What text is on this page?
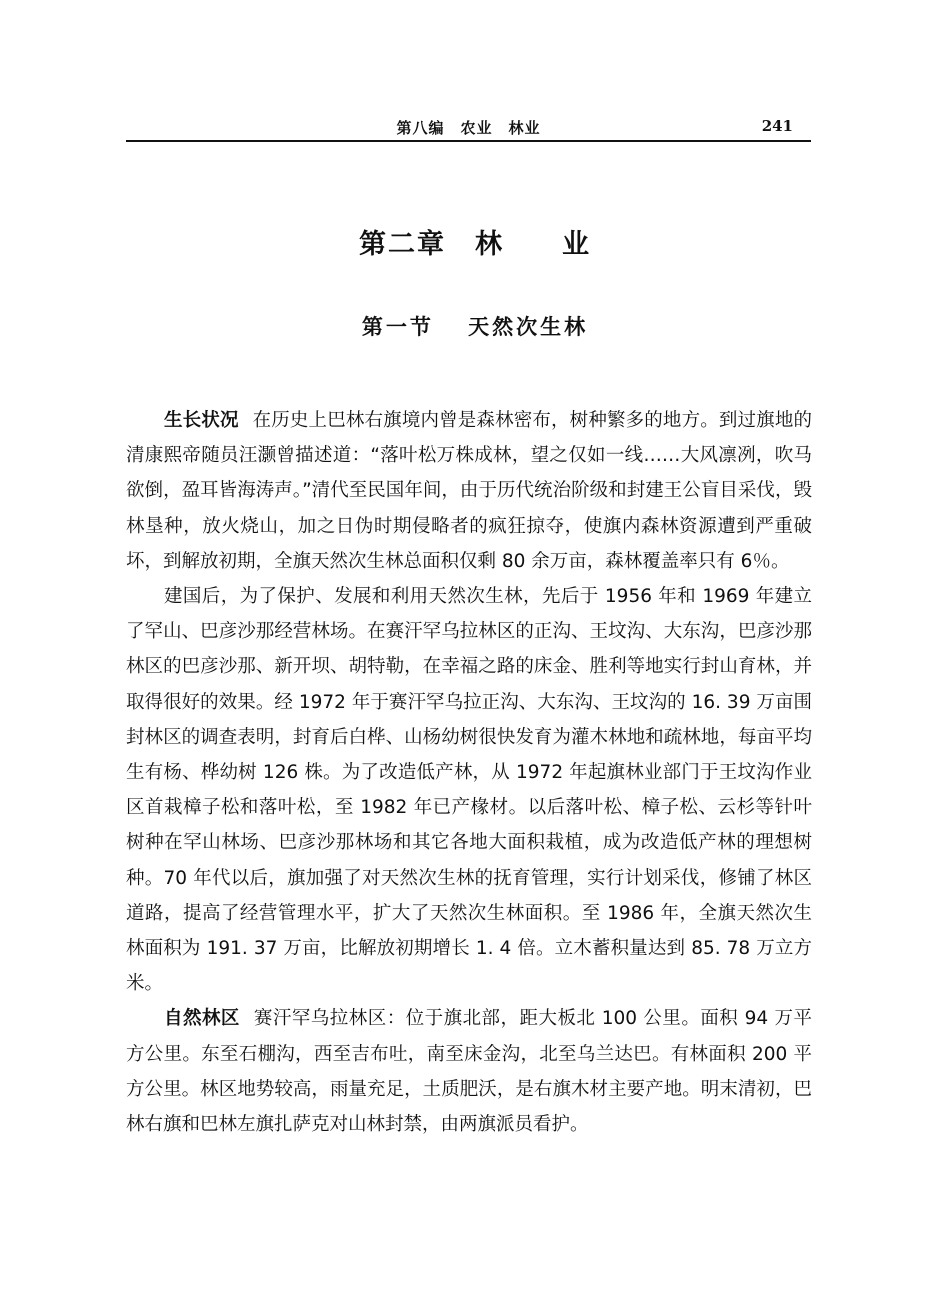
第八编　农业　林业	241
第二章　林　　业
第一节　 天然次生林

生长状况 在历史上巴林右旗境内曾是森林密布，树种繁多的地方。到过旗地的清康熙帝随员汪灏曾描述道：“落叶松万株成林，望之仅如一线……大风凛冽，吹马欲倒，盈耳皆海涛声。”清代至民国年间，由于历代统治阶级和封建王公盲目采伐，毁林垦种，放火烧山，加之日伪时期侵略者的疯狂掠夺，使旗内森林资源遭到严重破坏，到解放初期，全旗天然次生林总面积仅剩 80 余万亩，森林覆盖率只有 6％。

建国后，为了保护、发展和利用天然次生林，先后于 1956 年和 1969 年建立了罕山、巴彦沙那经营林场。在赛汗罕乌拉林区的正沟、王坟沟、大东沟，巴彦沙那林区的巴彦沙那、新开坝、胡特勒，在幸福之路的床金、胜利等地实行封山育林，并取得很好的效果。经 1972 年于赛汗罕乌拉正沟、大东沟、王坟沟的 16. 39 万亩围封林区的调查表明，封育后白桦、山杨幼树很快发育为灌木林地和疏林地，每亩平均生有杨、桦幼树 126 株。为了改造低产林，从 1972 年起旗林业部门于王坟沟作业区首栽樟子松和落叶松，至 1982 年已产椽材。以后落叶松、樟子松、云杉等针叶树种在罕山林场、巴彦沙那林场和其它各地大面积栽植，成为改造低产林的理想树种。70 年代以后，旗加强了对天然次生林的抚育管理，实行计划采伐，修铺了林区道路，提高了经营管理水平，扩大了天然次生林面积。至 1986 年，全旗天然次生林面积为 191. 37 万亩，比解放初期增长 1. 4 倍。立木蓄积量达到 85. 78 万立方米。

自然林区 赛汗罕乌拉林区：位于旗北部，距大板北 100 公里。面积 94 万平方公里。东至石棚沟，西至吉布吐，南至床金沟，北至乌兰达巴。有林面积 200 平方公里。林区地势较高，雨量充足，土质肥沃，是右旗木材主要产地。明末清初，巴林右旗和巴林左旗扎萨克对山林封禁，由两旗派员看护。
